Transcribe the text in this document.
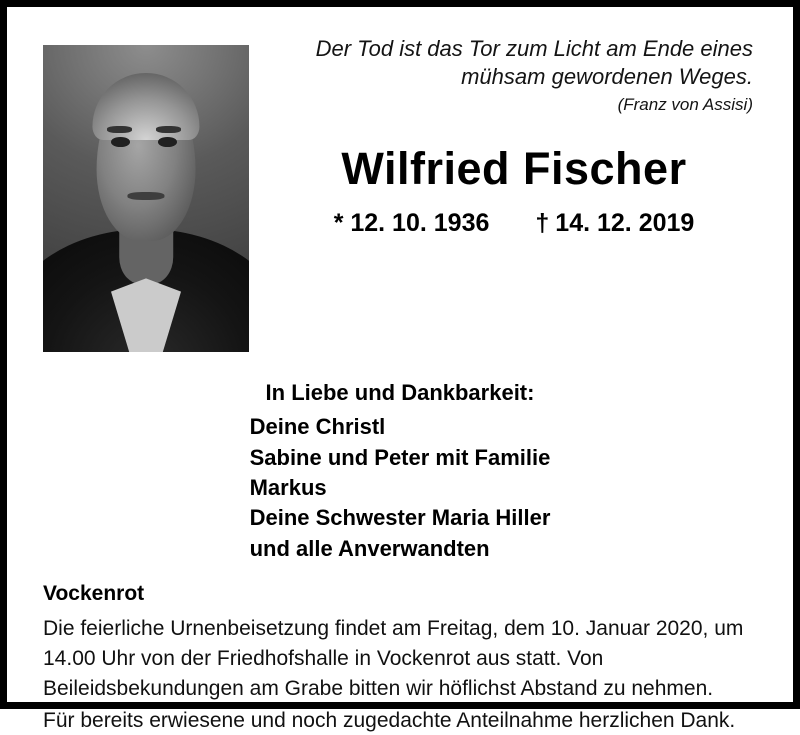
Der Tod ist das Tor zum Licht am Ende eines mühsam gewordenen Weges.

(Franz von Assisi)

Wilfried Fischer
* 12. 10. 1936 † 14. 12. 2019
In Liebe und Dankbarkeit:
Deine Christl
Sabine und Peter mit Familie
Markus
Deine Schwester Maria Hiller
und alle Anverwandten
Vockenrot

Die feierliche Urnenbeisetzung findet am Freitag, dem 10. Januar 2020, um 14.00 Uhr von der Friedhofshalle in Vockenrot aus statt. Von Beileidsbekundungen am Grabe bitten wir höflichst Abstand zu nehmen.

Für bereits erwiesene und noch zugedachte Anteilnahme herzlichen Dank.
